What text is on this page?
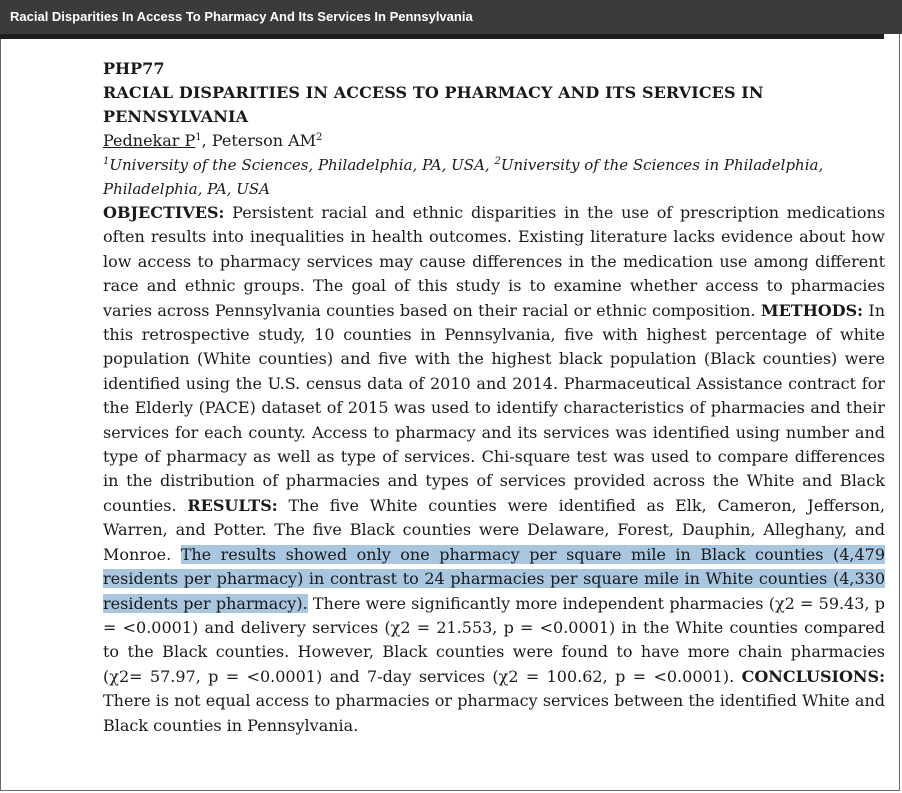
Racial Disparities In Access To Pharmacy And Its Services In Pennsylvania
PHP77
RACIAL DISPARITIES IN ACCESS TO PHARMACY AND ITS SERVICES IN PENNSYLVANIA
Pednekar $P^1$, Peterson $AM^2$
$^1$University of the Sciences, Philadelphia, PA, USA, $^2$University of the Sciences in Philadelphia, Philadelphia, PA, USA

OBJECTIVES: Persistent racial and ethnic disparities in the use of prescription medications often results into inequalities in health outcomes. Existing literature lacks evidence about how low access to pharmacy services may cause differences in the medication use among different race and ethnic groups. The goal of this study is to examine whether access to pharmacies varies across Pennsylvania counties based on their racial or ethnic composition. METHODS: In this retrospective study, 10 counties in Pennsylvania, five with highest percentage of white population (White counties) and five with the highest black population (Black counties) were identified using the U.S. census data of 2010 and 2014. Pharmaceutical Assistance contract for the Elderly (PACE) dataset of 2015 was used to identify characteristics of pharmacies and their services for each county. Access to pharmacy and its services was identified using number and type of pharmacy as well as type of services. Chi-square test was used to compare differences in the distribution of pharmacies and types of services provided across the White and Black counties. RESULTS: The five White counties were identified as Elk, Cameron, Jefferson, Warren, and Potter. The five Black counties were Delaware, Forest, Dauphin, Alleghany, and Monroe. The results showed only one pharmacy per square mile in Black counties (4,479 residents per pharmacy) in contrast to 24 pharmacies per square mile in White counties (4,330 residents per pharmacy). There were significantly more independent pharmacies (χ2 = 59.43, p = <0.0001) and delivery services (χ2 = 21.553, p = <0.0001) in the White counties compared to the Black counties. However, Black counties were found to have more chain pharmacies (χ2= 57.97, p = <0.0001) and 7-day services (χ2 = 100.62, p = <0.0001). CONCLUSIONS: There is not equal access to pharmacies or pharmacy services between the identified White and Black counties in Pennsylvania.
